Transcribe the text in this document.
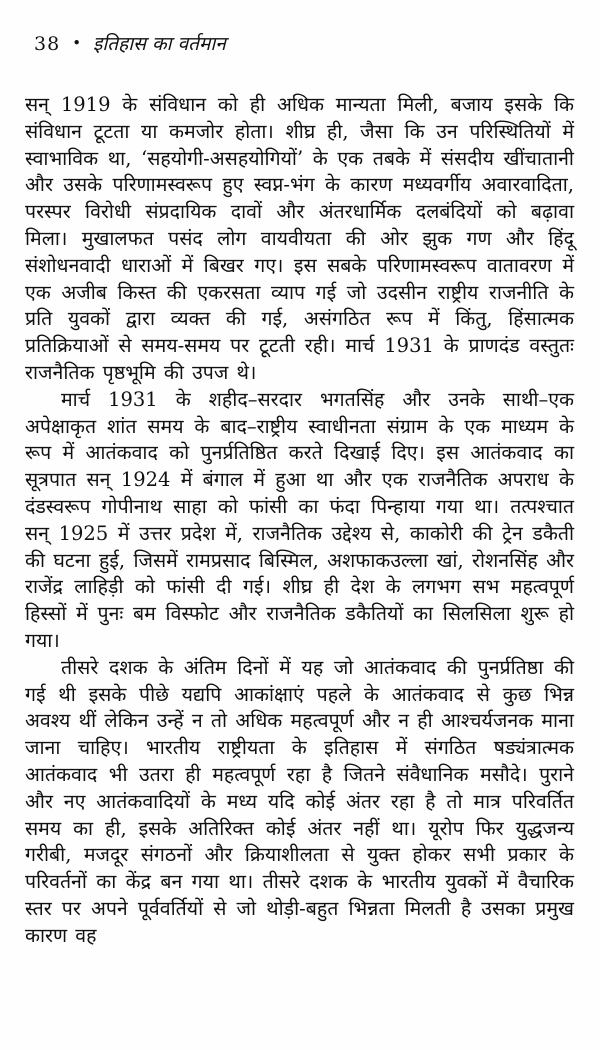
38 • इतिहास का वर्तमान

सन् 1919 के संविधान को ही अधिक मान्यता मिली, बजाय इसके कि संविधान टूटता या कमजोर होता। शीघ्र ही, जैसा कि उन परिस्थितियों में स्वाभाविक था, ‘सहयोगी-असहयोगियों’ के एक तबके में संसदीय खींचातानी और उसके परिणामस्वरूप हुए स्वप्न-भंग के कारण मध्यवर्गीय अवारवादिता, परस्पर विरोधी संप्रदायिक दावों और अंतरधार्मिक दलबंदियों को बढ़ावा मिला। मुखालफत पसंद लोग वायवीयता की ओर झुक गण और हिंदू संशोधनवादी धाराओं में बिखर गए। इस सबके परिणामस्वरूप वातावरण में एक अजीब किस्त की एकरसता व्याप गई जो उदसीन राष्ट्रीय राजनीति के प्रति युवकों द्वारा व्यक्त की गई, असंगठित रूप में किंतु, हिंसात्मक प्रतिक्रियाओं से समय-समय पर टूटती रही। मार्च 1931 के प्राणदंड वस्तुतः राजनैतिक पृष्ठभूमि की उपज थे।

मार्च 1931 के शहीद–सरदार भगतसिंह और उनके साथी–एक अपेक्षाकृत शांत समय के बाद–राष्ट्रीय स्वाधीनता संग्राम के एक माध्यम के रूप में आतंकवाद को पुनर्प्रतिष्ठित करते दिखाई दिए। इस आतंकवाद का सूत्रपात सन् 1924 में बंगाल में हुआ था और एक राजनैतिक अपराध के दंडस्वरूप गोपीनाथ साहा को फांसी का फंदा पिन्हाया गया था। तत्पश्चात सन् 1925 में उत्तर प्रदेश में, राजनैतिक उद्देश्य से, काकोरी की ट्रेन डकैती की घटना हुई, जिसमें रामप्रसाद बिस्मिल, अशफाकउल्ला खां, रोशनसिंह और राजेंद्र लाहिड़ी को फांसी दी गई। शीघ्र ही देश के लगभग सभ महत्वपूर्ण हिस्सों में पुनः बम विस्फोट और राजनैतिक डकैतियों का सिलसिला शुरू हो गया।

तीसरे दशक के अंतिम दिनों में यह जो आतंकवाद की पुनर्प्रतिष्ठा की गई थी इसके पीछे यद्यपि आकांक्षाएं पहले के आतंकवाद से कुछ भिन्न अवश्य थीं लेकिन उन्हें न तो अधिक महत्वपूर्ण और न ही आश्चर्यजनक माना जाना चाहिए। भारतीय राष्ट्रीयता के इतिहास में संगठित षड्यंत्रात्मक आतंकवाद भी उतरा ही महत्वपूर्ण रहा है जितने संवैधानिक मसौदे। पुराने और नए आतंकवादियों के मध्य यदि कोई अंतर रहा है तो मात्र परिवर्तित समय का ही, इसके अतिरिक्त कोई अंतर नहीं था। यूरोप फिर युद्धजन्य गरीबी, मजदूर संगठनों और क्रियाशीलता से युक्त होकर सभी प्रकार के परिवर्तनों का केंद्र बन गया था। तीसरे दशक के भारतीय युवकों में वैचारिक स्तर पर अपने पूर्ववर्तियों से जो थोड़ी-बहुत भिन्नता मिलती है उसका प्रमुख कारण वह
